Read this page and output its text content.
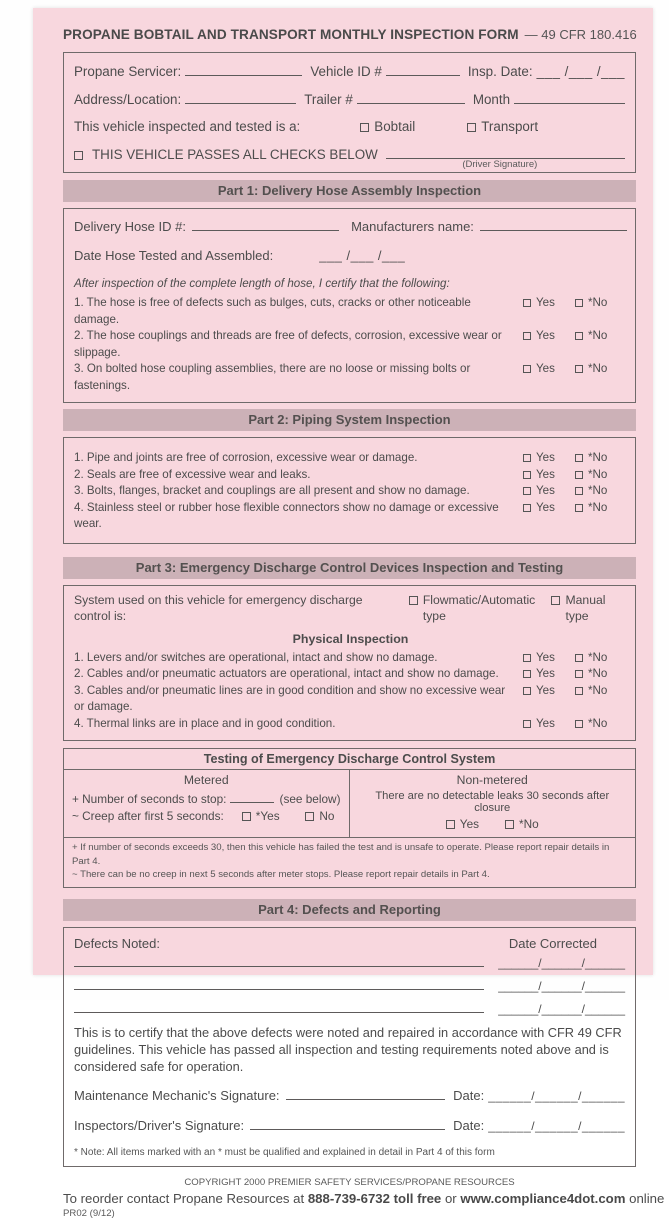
PROPANE BOBTAIL AND TRANSPORT MONTHLY INSPECTION FORM — 49 CFR 180.416
Propane Servicer:	Vehicle ID #	Insp. Date: ___ /___ /___
Address/Location:	Trailer #	Month
This vehicle inspected and tested is a:	Bobtail	Transport
THIS VEHICLE PASSES ALL CHECKS BELOW
(Driver Signature)
Part 1: Delivery Hose Assembly Inspection
Delivery Hose ID #:	Manufacturers name:
Date Hose Tested and Assembled:	___ /___ /___
After inspection of the complete length of hose, I certify that the following:
1. The hose is free of defects such as bulges, cuts, cracks or other noticeable damage.
Yes	*No
2. The hose couplings and threads are free of defects, corrosion, excessive wear or slippage.
Yes	*No
3. On bolted hose coupling assemblies, there are no loose or missing bolts or fastenings.
Yes	*No
Part 2: Piping System Inspection
1. Pipe and joints are free of corrosion, excessive wear or damage.	Yes	*No
2. Seals are free of excessive wear and leaks.	Yes	*No
3. Bolts, flanges, bracket and couplings are all present and show no damage.	Yes	*No
4. Stainless steel or rubber hose flexible connectors show no damage or excessive wear.
Yes	*No
Part 3: Emergency Discharge Control Devices Inspection and Testing
System used on this vehicle for emergency discharge control is:
Flowmatic/Automatic type
Manual type
Physical Inspection
1. Levers and/or switches are operational, intact and show no damage.	Yes	*No
2. Cables and/or pneumatic actuators are operational, intact and show no damage.	Yes	*No
3. Cables and/or pneumatic lines are in good condition and show no excessive wear or damage.
Yes	*No
4. Thermal links are in place and in good condition.	Yes	*No
Testing of Emergency Discharge Control System
Metered
+ Number of seconds to stop:	(see below)
~ Creep after first 5 seconds:	*Yes	No
Non-metered
There are no detectable leaks 30 seconds after closure
Yes	*No
+ If number of seconds exceeds 30, then this vehicle has failed the test and is unsafe to operate. Please report repair details in Part 4.
~ There can be no creep in next 5 seconds after meter stops. Please report repair details in Part 4.
Part 4: Defects and Reporting
Defects Noted:	Date Corrected
______/______/______
______/______/______
______/______/______
This is to certify that the above defects were noted and repaired in accordance with CFR 49 CFR guidelines. This vehicle has passed all inspection and testing requirements noted above and is considered safe for operation.
Maintenance Mechanic's Signature:	Date: ______/______/______
Inspectors/Driver's Signature:	Date: ______/______/______
* Note: All items marked with an * must be qualified and explained in detail in Part 4 of this form
COPYRIGHT 2000 PREMIER SAFETY SERVICES/PROPANE RESOURCES
To reorder contact Propane Resources at 888-739-6732 toll free or www.compliance4dot.com online
PR02 (9/12)
